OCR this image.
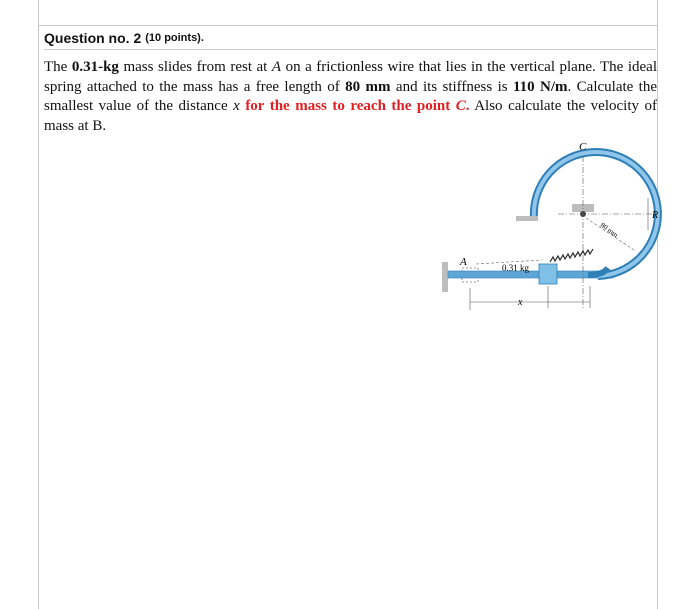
Question no. 2 (10 points).
The 0.31-kg mass slides from rest at A on a frictionless wire that lies in the vertical plane. The ideal spring attached to the mass has a free length of 80 mm and its stiffness is 110 N/m. Calculate the smallest value of the distance x for the mass to reach the point C. Also calculate the velocity of mass at B.
C
R
A	0.31 kg
x
80 mm
